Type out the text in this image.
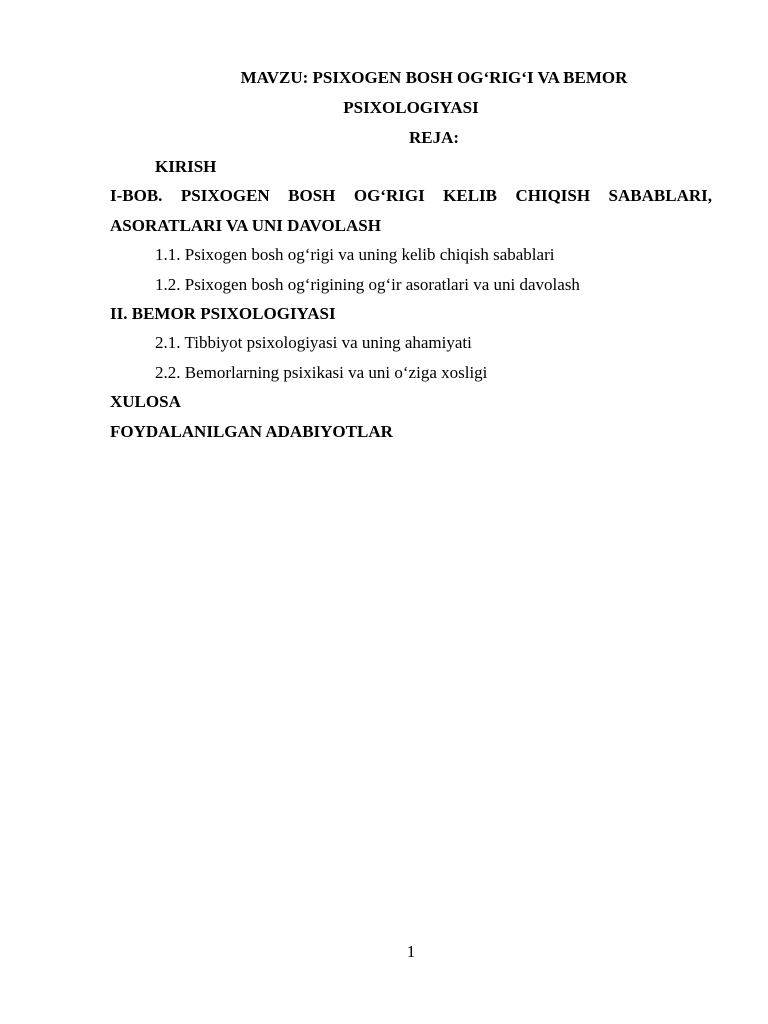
MAVZU: PSIXOGEN BOSH OG‘RIG‘I VA BEMOR
PSIXOLOGIYASI
REJA:
KIRISH
I-BOB. PSIXOGEN BOSH OG‘RIGI KELIB CHIQISH SABABLARI,
ASORATLARI VA UNI DAVOLASH
1.1. Psixogen bosh og‘rigi va uning kelib chiqish sabablari
1.2. Psixogen bosh og‘rigining og‘ir asoratlari va uni davolash
II. BEMOR PSIXOLOGIYASI
2.1. Tibbiyot psixologiyasi va uning ahamiyati
2.2. Bemorlarning psixikasi va uni o‘ziga xosligi
XULOSA
FOYDALANILGAN ADABIYOTLAR
1
